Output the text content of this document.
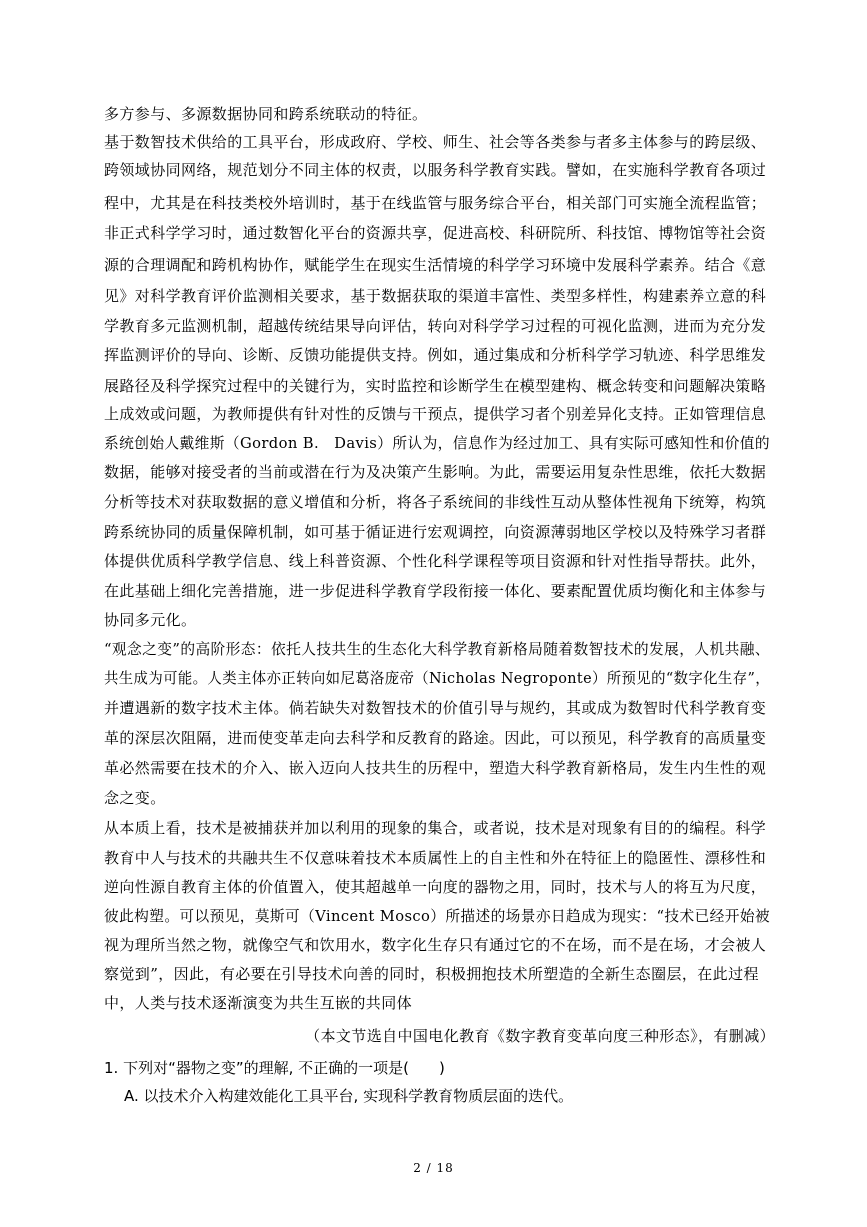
多方参与、多源数据协同和跨系统联动的特征。
基于数智技术供给的工具平台，形成政府、学校、师生、社会等各类参与者多主体参与的跨层级、
跨领域协同网络，规范划分不同主体的权责，以服务科学教育实践。譬如，在实施科学教育各项过
程中，尤其是在科技类校外培训时，基于在线监管与服务综合平台，相关部门可实施全流程监管；
非正式科学学习时，通过数智化平台的资源共享，促进高校、科研院所、科技馆、博物馆等社会资
源的合理调配和跨机构协作，赋能学生在现实生活情境的科学学习环境中发展科学素养。结合《意
见》对科学教育评价监测相关要求，基于数据获取的渠道丰富性、类型多样性，构建素养立意的科
学教育多元监测机制，超越传统结果导向评估，转向对科学学习过程的可视化监测，进而为充分发
挥监测评价的导向、诊断、反馈功能提供支持。例如，通过集成和分析科学学习轨迹、科学思维发
展路径及科学探究过程中的关键行为，实时监控和诊断学生在模型建构、概念转变和问题解决策略
上成效或问题，为教师提供有针对性的反馈与干预点，提供学习者个别差异化支持。正如管理信息
系统创始人戴维斯（Gordon B.　Davis）所认为，信息作为经过加工、具有实际可感知性和价值的
数据，能够对接受者的当前或潜在行为及决策产生影响。为此，需要运用复杂性思维，依托大数据
分析等技术对获取数据的意义增值和分析，将各子系统间的非线性互动从整体性视角下统筹，构筑
跨系统协同的质量保障机制，如可基于循证进行宏观调控，向资源薄弱地区学校以及特殊学习者群
体提供优质科学教学信息、线上科普资源、个性化科学课程等项目资源和针对性指导帮扶。此外，
在此基础上细化完善措施，进一步促进科学教育学段衔接一体化、要素配置优质均衡化和主体参与
协同多元化。
“观念之变”的高阶形态：依托人技共生的生态化大科学教育新格局随着数智技术的发展，人机共融、
共生成为可能。人类主体亦正转向如尼葛洛庞帝（Nicholas Negroponte）所预见的“数字化生存”，
并遭遇新的数字技术主体。倘若缺失对数智技术的价值引导与规约，其或成为数智时代科学教育变
革的深层次阻隔，进而使变革走向去科学和反教育的路途。因此，可以预见，科学教育的高质量变
革必然需要在技术的介入、嵌入迈向人技共生的历程中，塑造大科学教育新格局，发生内生性的观
念之变。
从本质上看，技术是被捕获并加以利用的现象的集合，或者说，技术是对现象有目的的编程。科学
教育中人与技术的共融共生不仅意味着技术本质属性上的自主性和外在特征上的隐匿性、漂移性和
逆向性源自教育主体的价值置入，使其超越单一向度的器物之用，同时，技术与人的将互为尺度，
彼此构塑。可以预见，莫斯可（Vincent Mosco）所描述的场景亦日趋成为现实：“技术已经开始被
视为理所当然之物，就像空气和饮用水，数字化生存只有通过它的不在场，而不是在场，才会被人
察觉到”，因此，有必要在引导技术向善的同时，积极拥抱技术所塑造的全新生态圈层，在此过程
中，人类与技术逐渐演变为共生互嵌的共同体
（本文节选自中国电化教育《数字教育变革向度三种形态》，有删减）
1. 下列对“器物之变”的理解, 不正确的一项是(　　)
A. 以技术介入构建效能化工具平台, 实现科学教育物质层面的迭代。
2 / 18
